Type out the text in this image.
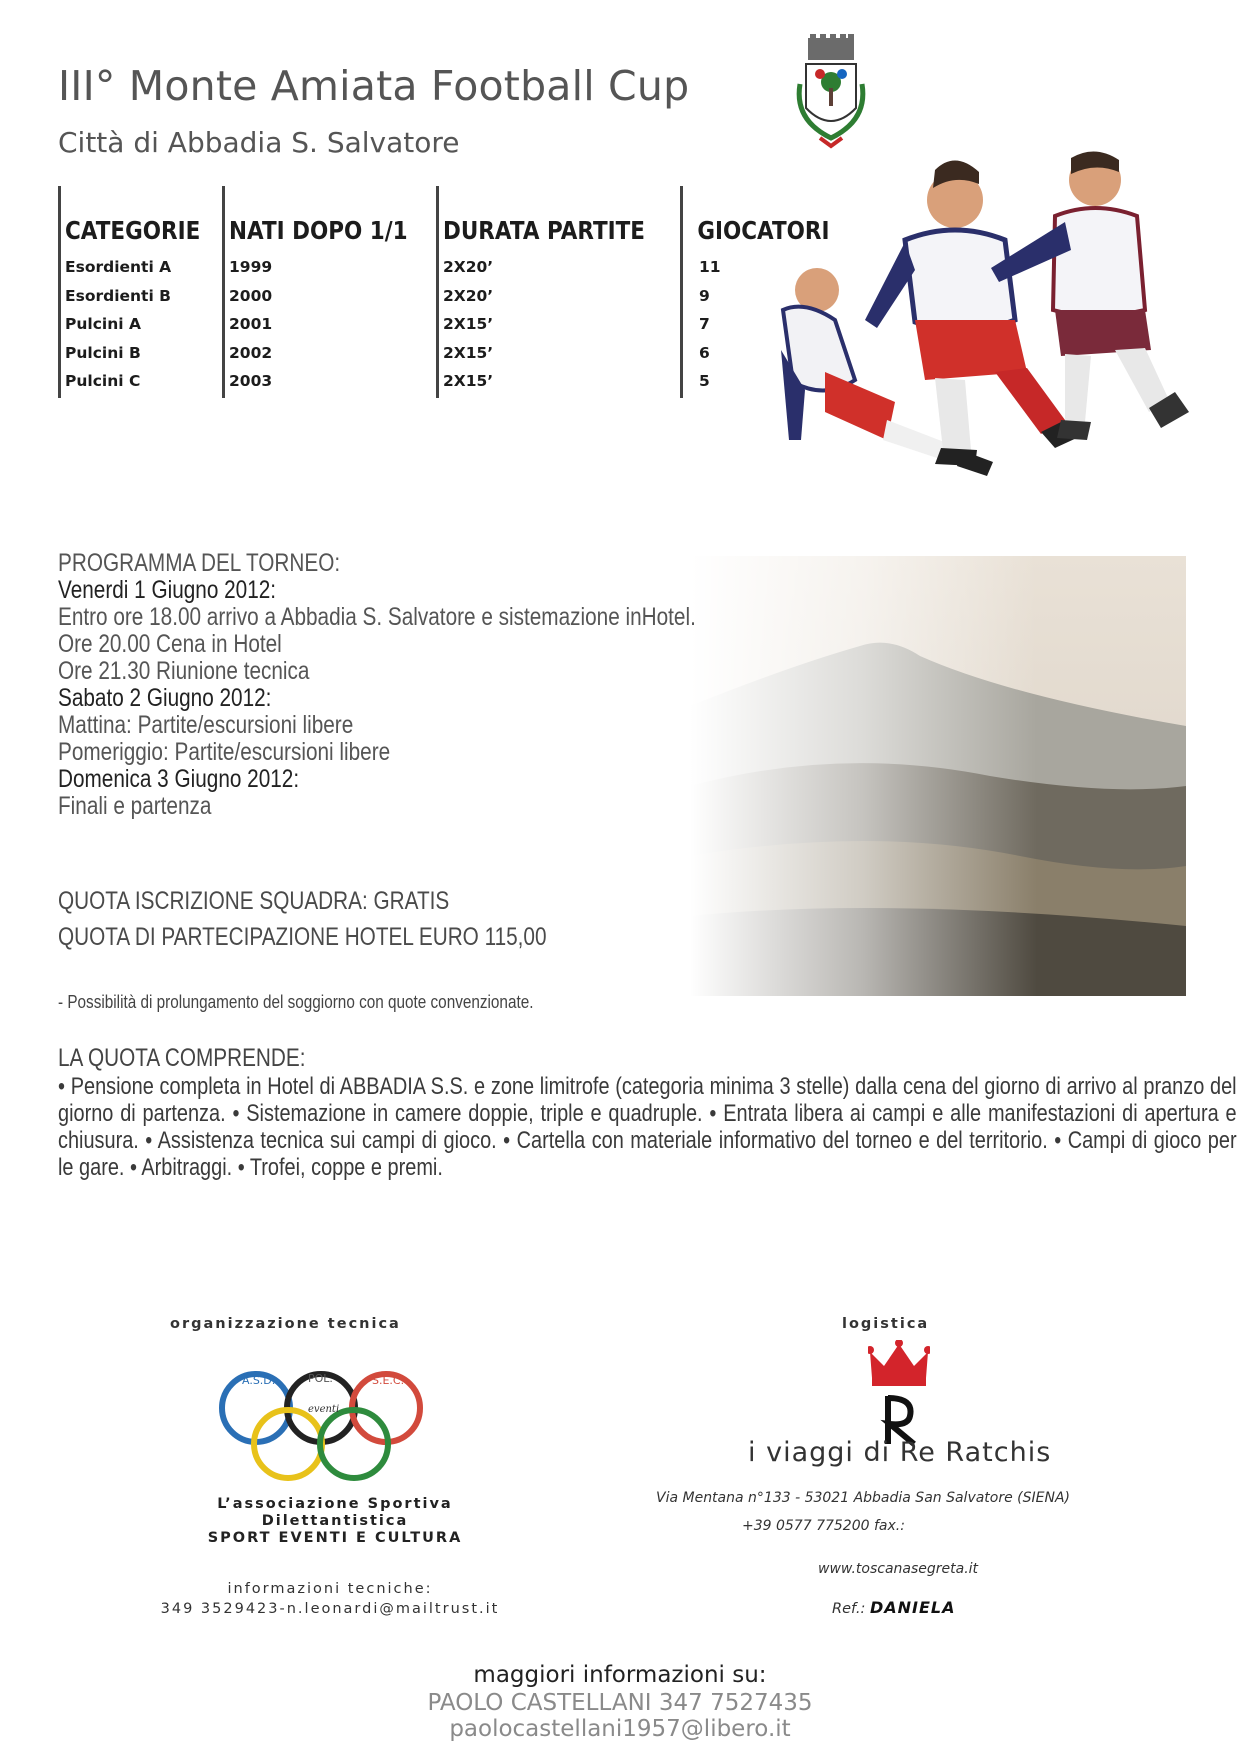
III° Monte Amiata Football Cup
Città di Abbadia S. Salvatore
CATEGORIE
Esordienti A
Esordienti B
Pulcini A
Pulcini B
Pulcini C
NATI DOPO 1/1
1999
2000
2001
2002
2003
DURATA PARTITE
2X20’
2X20’
2X15’
2X15’
2X15’
GIOCATORI
11
9
7
6
5
PROGRAMMA DEL TORNEO:
Venerdi 1 Giugno 2012:
Entro ore 18.00 arrivo a Abbadia S. Salvatore e sistemazione inHotel.
Ore 20.00 Cena in Hotel
Ore 21.30 Riunione tecnica
Sabato 2 Giugno 2012:
Mattina: Partite/escursioni libere
Pomeriggio: Partite/escursioni libere
Domenica 3 Giugno 2012:
Finali e partenza
QUOTA ISCRIZIONE SQUADRA: GRATIS
QUOTA DI PARTECIPAZIONE HOTEL EURO 115,00
- Possibilità di prolungamento del soggiorno con quote convenzionate.
LA QUOTA COMPRENDE:
• Pensione completa in Hotel di ABBADIA S.S. e zone limitrofe (categoria minima 3 stelle) dalla cena del giorno di arrivo al pranzo del giorno di partenza. • Sistemazione in camere doppie, triple e quadruple. • Entrata libera ai campi e alle manifestazioni di apertura e chiusura. • Assistenza tecnica sui campi di gioco. • Cartella con materiale informativo del torneo e del territorio. • Campi di gioco per le gare. • Arbitraggi. • Trofei, coppe e premi.
organizzazione tecnica
A.S.D.	POL.	S.E.C.
eventi
L’associazione Sportiva
Dilettantistica
SPORT EVENTI E CULTURA
informazioni tecniche:
349 3529423-n.leonardi@mailtrust.it
logistica
i viaggi di Re Ratchis
Via Mentana n°133 - 53021 Abbadia San Salvatore (SIENA)
+39 0577 775200 fax.:
www.toscanasegreta.it
Ref.: DANIELA
maggiori informazioni su:
PAOLO CASTELLANI 347 7527435
paolocastellani1957@libero.it
